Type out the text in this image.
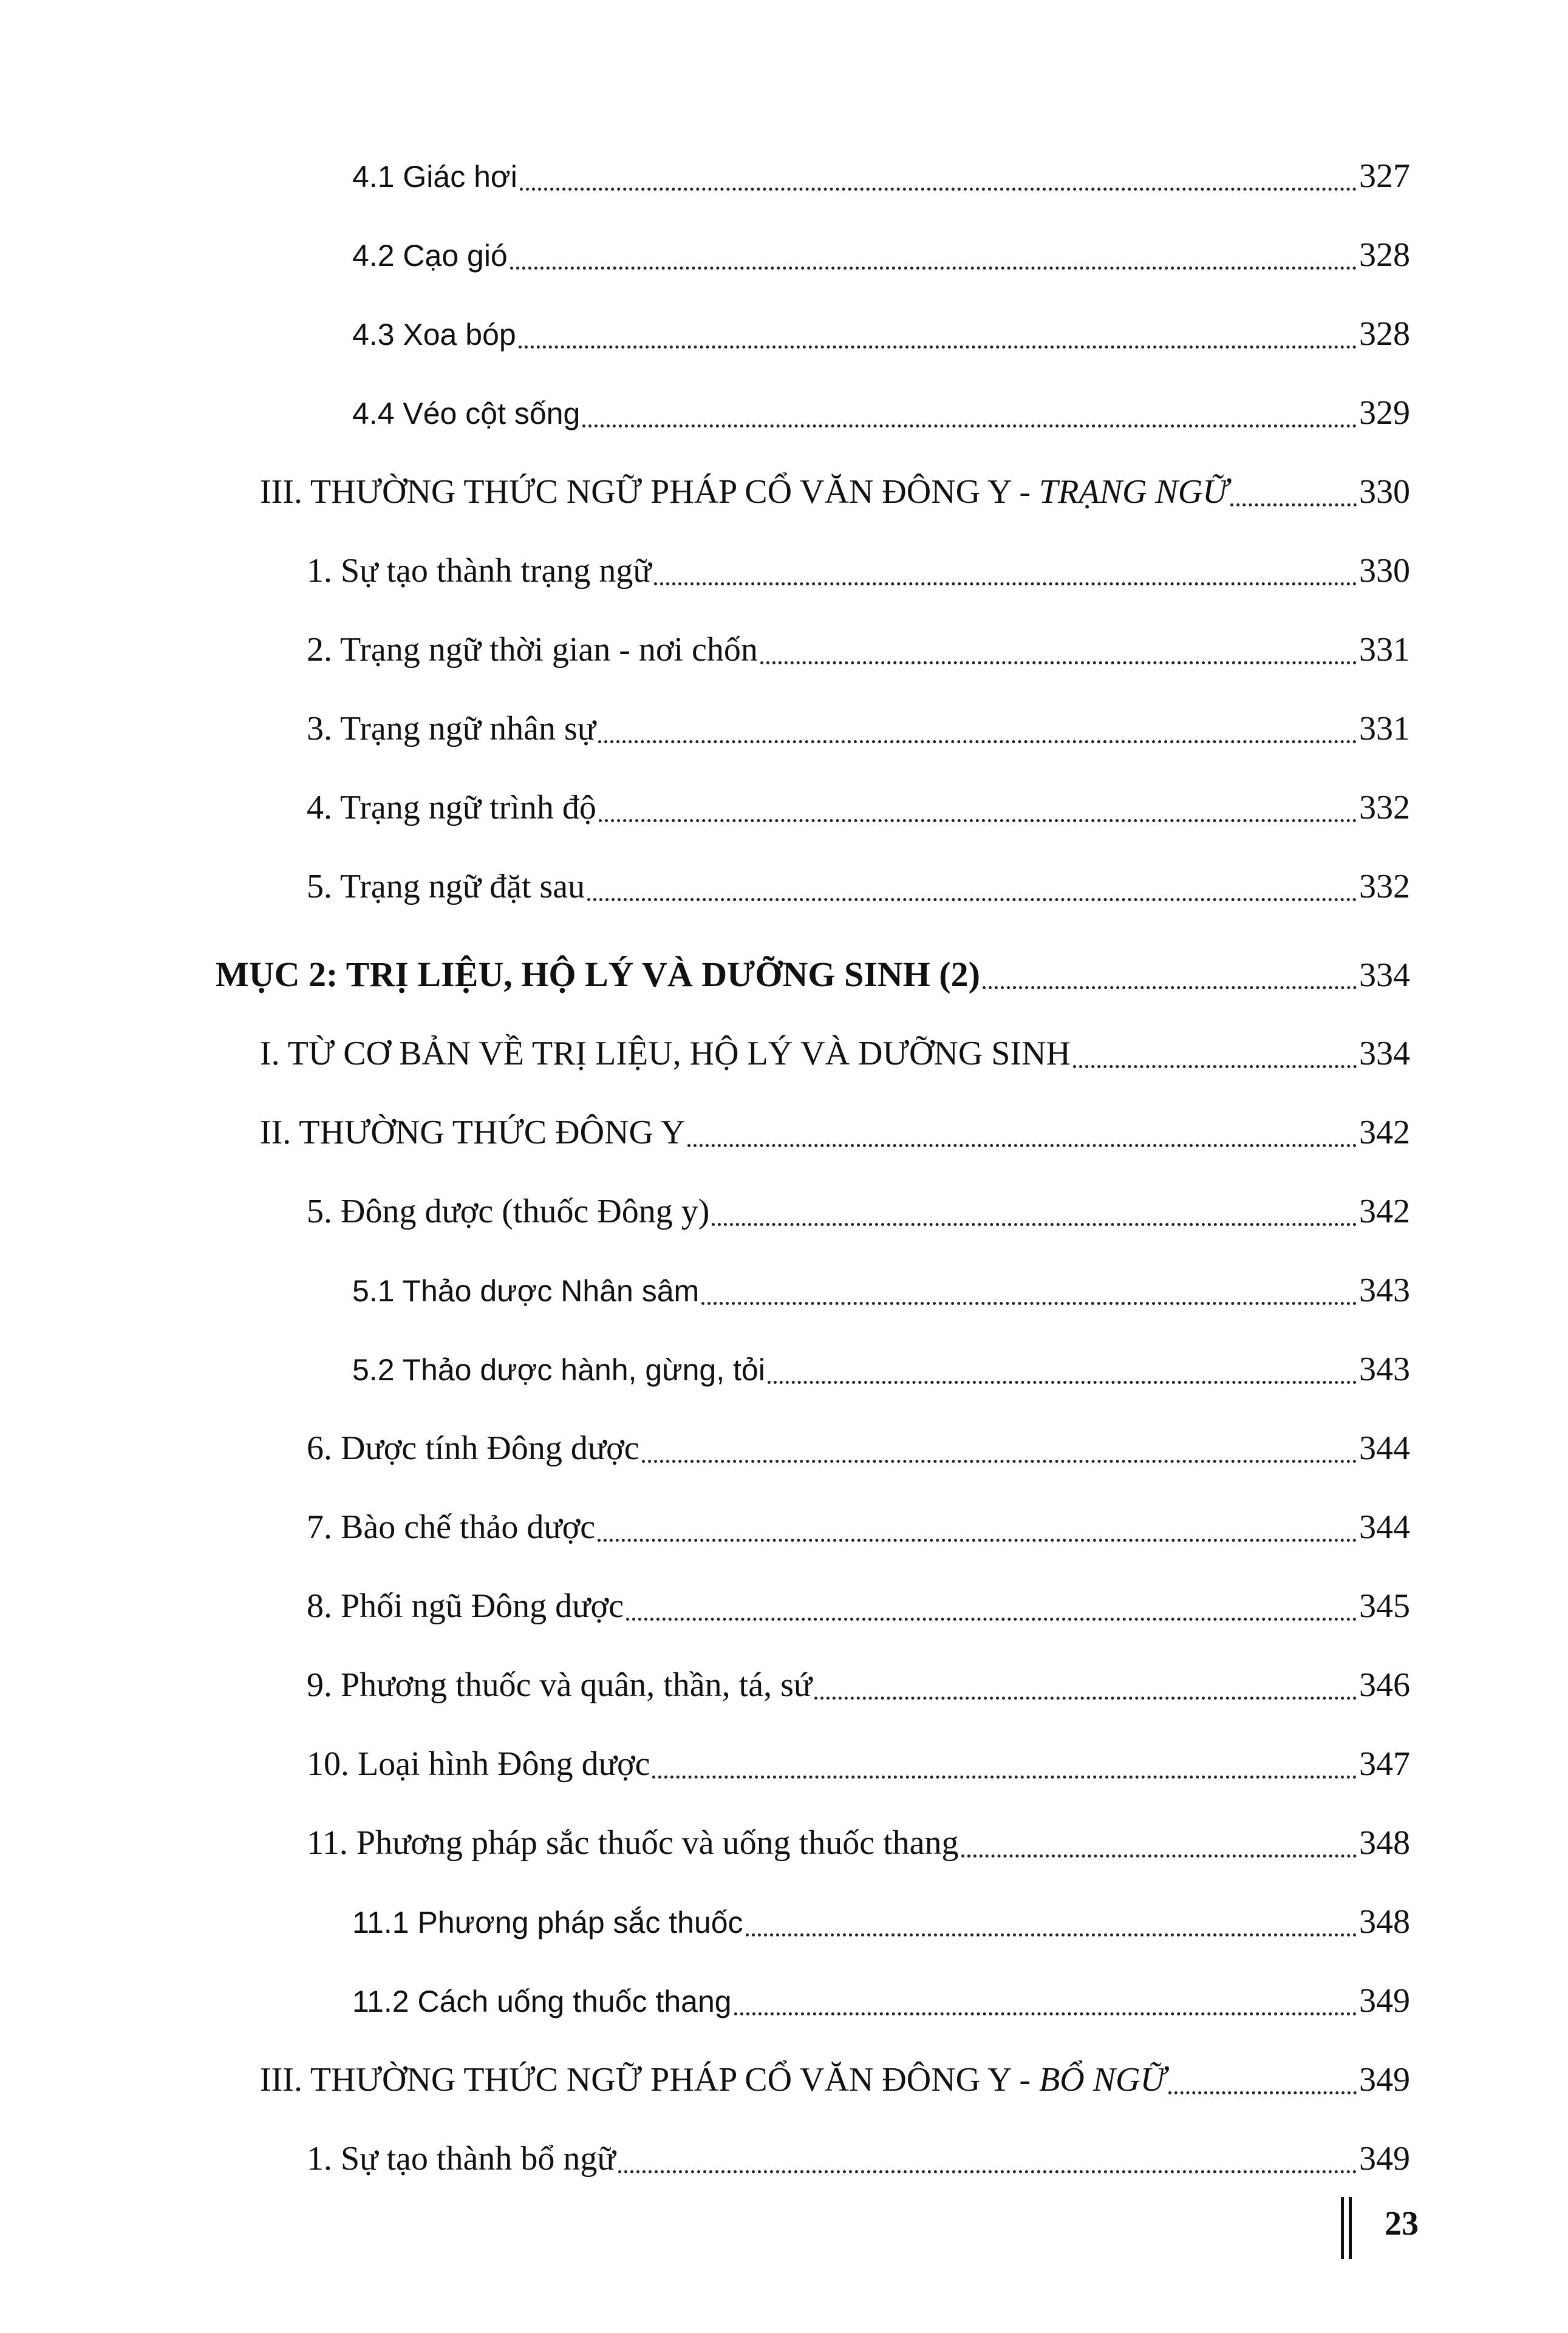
4.1 Giác hơi	327
4.2 Cạo gió	328
4.3 Xoa bóp	328
4.4 Véo cột sống	329
III. THƯỜNG THỨC NGỮ PHÁP CỔ VĂN ĐÔNG Y - TRẠNG NGỮ	330
1. Sự tạo thành trạng ngữ	330
2. Trạng ngữ thời gian - nơi chốn	331
3. Trạng ngữ nhân sự	331
4. Trạng ngữ trình độ	332
5. Trạng ngữ đặt sau	332
MỤC 2: TRỊ LIỆU, HỘ LÝ VÀ DƯỠNG SINH (2)	334
I. TỪ CƠ BẢN VỀ TRỊ LIỆU, HỘ LÝ VÀ DƯỠNG SINH	334
II. THƯỜNG THỨC ĐÔNG Y	342
5. Đông dược (thuốc Đông y)	342
5.1 Thảo dược Nhân sâm	343
5.2 Thảo dược hành, gừng, tỏi	343
6. Dược tính Đông dược	344
7. Bào chế thảo dược	344
8. Phối ngũ Đông dược	345
9. Phương thuốc và quân, thần, tá, sứ	346
10. Loại hình Đông dược	347
11. Phương pháp sắc thuốc và uống thuốc thang	348
11.1 Phương pháp sắc thuốc	348
11.2 Cách uống thuốc thang	349
III. THƯỜNG THỨC NGỮ PHÁP CỔ VĂN ĐÔNG Y - BỔ NGỮ	349
1. Sự tạo thành bổ ngữ	349
23
